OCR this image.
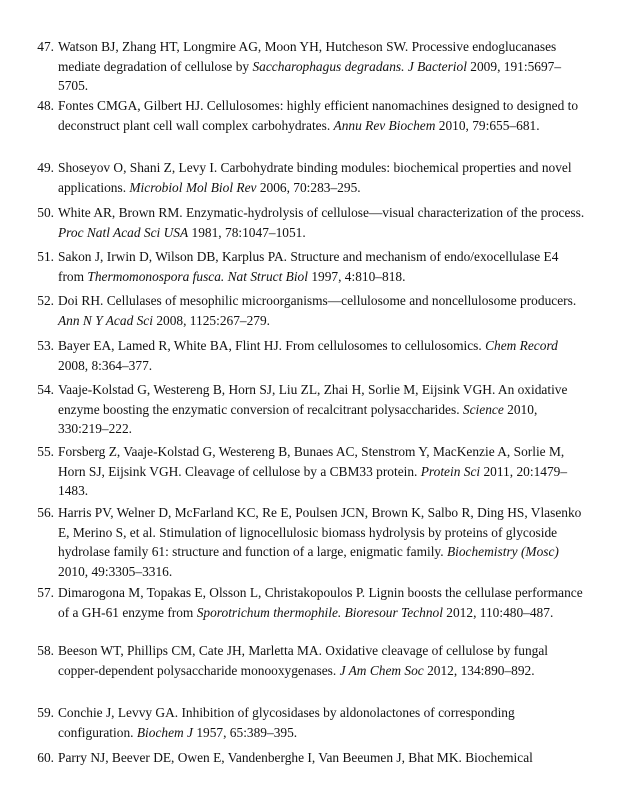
47. Watson BJ, Zhang HT, Longmire AG, Moon YH, Hutcheson SW. Processive endoglucanases mediate degradation of cellulose by Saccharophagus degradans. J Bacteriol 2009, 191:5697–5705.
48. Fontes CMGA, Gilbert HJ. Cellulosomes: highly efficient nanomachines designed to designed to deconstruct plant cell wall complex carbohydrates. Annu Rev Biochem 2010, 79:655–681.
49. Shoseyov O, Shani Z, Levy I. Carbohydrate binding modules: biochemical properties and novel applications. Microbiol Mol Biol Rev 2006, 70:283–295.
50. White AR, Brown RM. Enzymatic-hydrolysis of cellulose—visual characterization of the process. Proc Natl Acad Sci USA 1981, 78:1047–1051.
51. Sakon J, Irwin D, Wilson DB, Karplus PA. Structure and mechanism of endo/exocellulase E4 from Thermomonospora fusca. Nat Struct Biol 1997, 4:810–818.
52. Doi RH. Cellulases of mesophilic microorganisms—cellulosome and noncellulosome producers. Ann N Y Acad Sci 2008, 1125:267–279.
53. Bayer EA, Lamed R, White BA, Flint HJ. From cellulosomes to cellulosomics. Chem Record 2008, 8:364–377.
54. Vaaje-Kolstad G, Westereng B, Horn SJ, Liu ZL, Zhai H, Sorlie M, Eijsink VGH. An oxidative enzyme boosting the enzymatic conversion of recalcitrant polysaccharides. Science 2010, 330:219–222.
55. Forsberg Z, Vaaje-Kolstad G, Westereng B, Bunaes AC, Stenstrom Y, MacKenzie A, Sorlie M, Horn SJ, Eijsink VGH. Cleavage of cellulose by a CBM33 protein. Protein Sci 2011, 20:1479–1483.
56. Harris PV, Welner D, McFarland KC, Re E, Poulsen JCN, Brown K, Salbo R, Ding HS, Vlasenko E, Merino S, et al. Stimulation of lignocellulosic biomass hydrolysis by proteins of glycoside hydrolase family 61: structure and function of a large, enigmatic family. Biochemistry (Mosc) 2010, 49:3305–3316.
57. Dimarogona M, Topakas E, Olsson L, Christakopoulos P. Lignin boosts the cellulase performance of a GH-61 enzyme from Sporotrichum thermophile. Bioresour Technol 2012, 110:480–487.
58. Beeson WT, Phillips CM, Cate JH, Marletta MA. Oxidative cleavage of cellulose by fungal copper-dependent polysaccharide monooxygenases. J Am Chem Soc 2012, 134:890–892.
59. Conchie J, Levvy GA. Inhibition of glycosidases by aldonolactones of corresponding configuration. Biochem J 1957, 65:389–395.
60. Parry NJ, Beever DE, Owen E, Vandenberghe I, Van Beeumen J, Bhat MK. Biochemical
